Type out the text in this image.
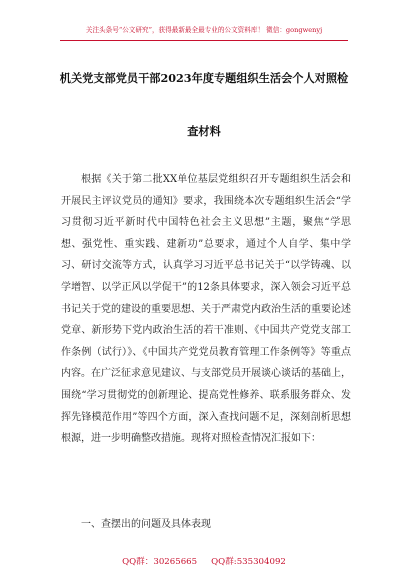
关注头条号“公文研究”，获得最新最全最专业的公文资料库！ 微信：gongwenyj
机关党支部党员干部2023年度专题组织生活会个人对照检
查材料

根据《关于第二批XX单位基层党组织召开专题组织生活会和开展民主评议党员的通知》要求，我围绕本次专题组织生活会“学习贯彻习近平新时代中国特色社会主义思想”主题，聚焦“学思想、强党性、重实践、建新功”总要求，通过个人自学、集中学习、研讨交流等方式，认真学习习近平总书记关于“以学铸魂、以学增智、以学正风以学促干”的12条具体要求，深入领会习近平总书记关于党的建设的重要思想、关于严肃党内政治生活的重要论述党章、新形势下党内政治生活的若干准则、《中国共产党党支部工作条例（试行）》、《中国共产党党员教育管理工作条例等》等重点内容。在广泛征求意见建议、与支部党员开展谈心谈话的基础上，围绕“学习贯彻党的创新理论、提高党性修养、联系服务群众、发挥先锋模范作用”等四个方面，深入查找问题不足，深刻剖析思想根源，进一步明确整改措施。现将对照检查情况汇报如下：

一、查摆出的问题及具体表现
QQ群：30265665 QQ群:535304092
